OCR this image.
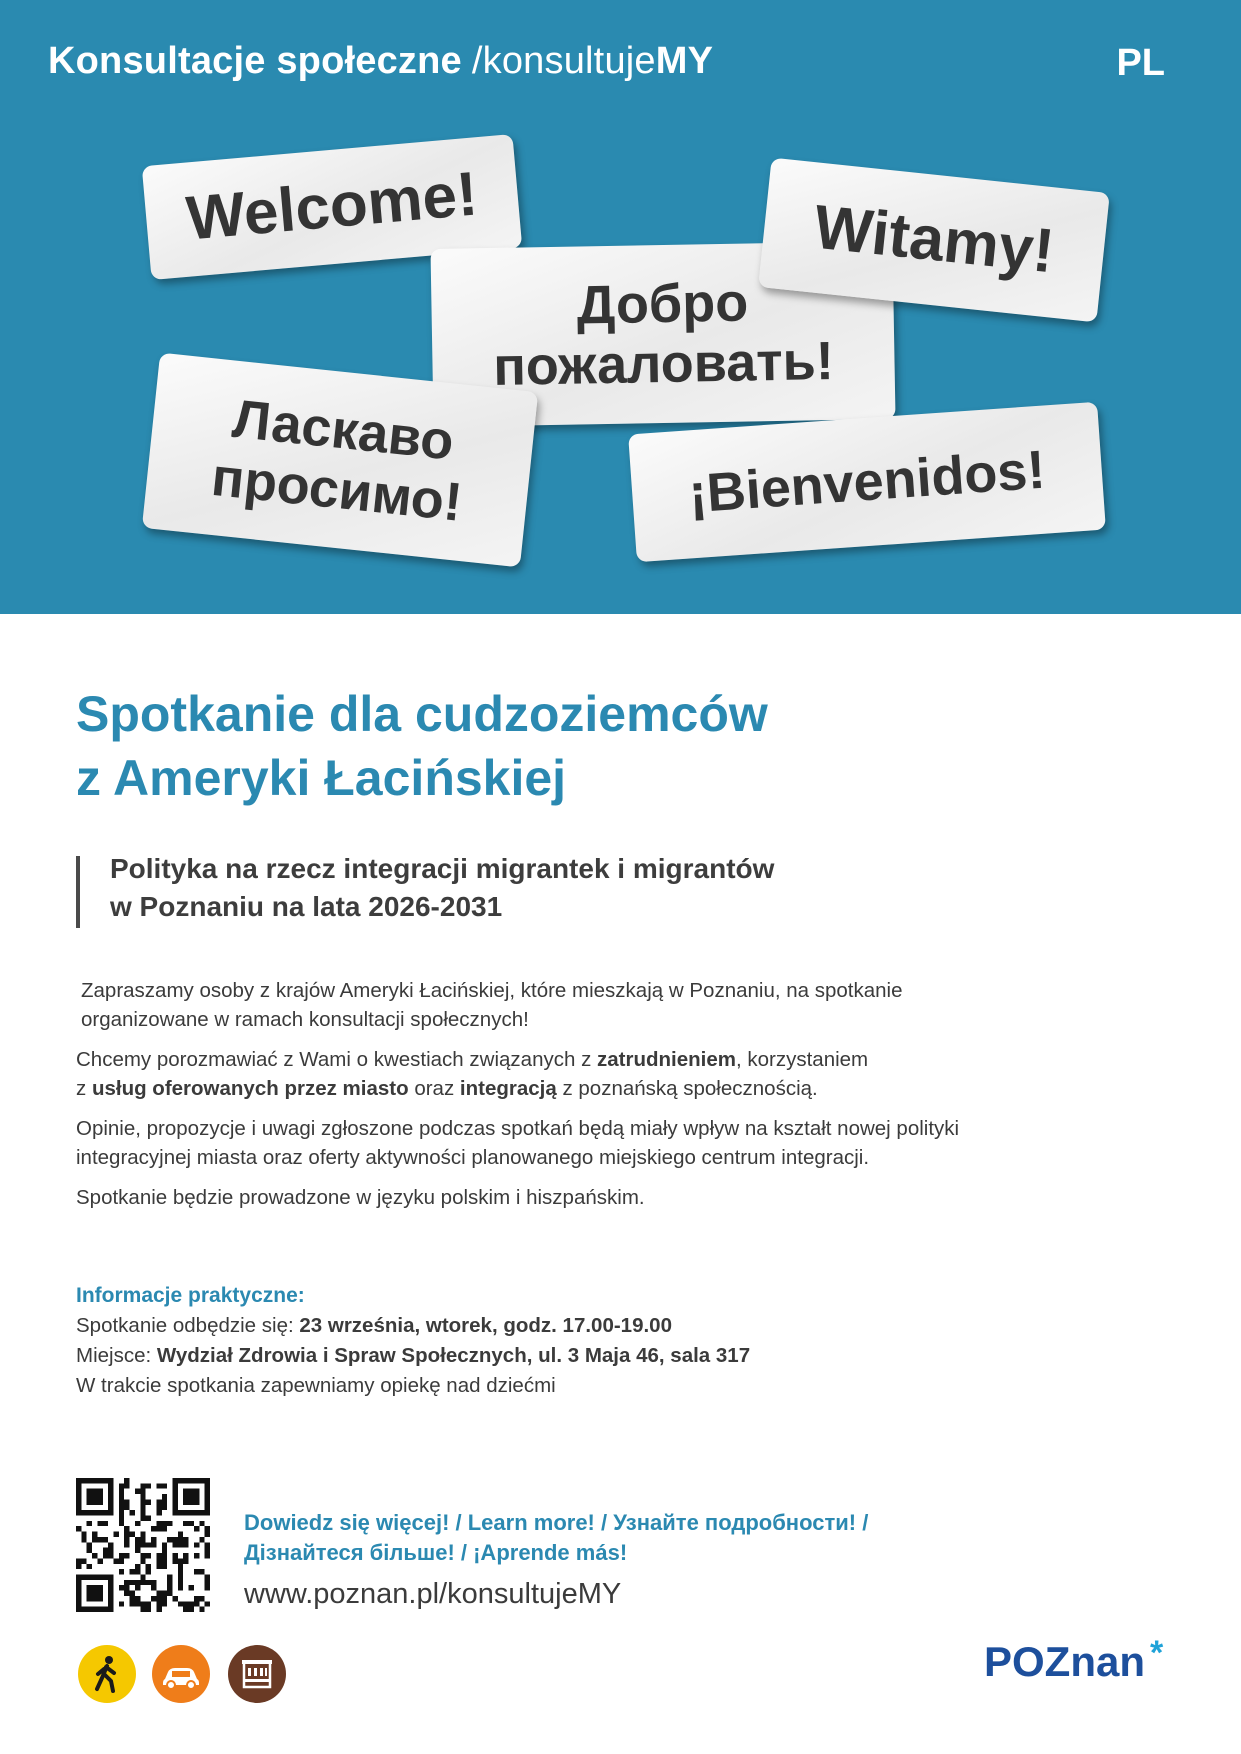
Konsultacje społeczne /konsultujeMY	PL
Welcome!
Добро
пожаловать!
Witamy!
Ласкаво
просимо!	¡Bienvenidos!
Spotkanie dla cudzoziemców
z Ameryki Łacińskiej
Polityka na rzecz integracji migrantek i migrantów
w Poznaniu na lata 2026-2031

Zapraszamy osoby z krajów Ameryki Łacińskiej, które mieszkają w Poznaniu, na spotkanie
organizowane w ramach konsultacji społecznych!

Chcemy porozmawiać z Wami o kwestiach związanych z zatrudnieniem, korzystaniem
z usług oferowanych przez miasto oraz integracją z poznańską społecznością.

Opinie, propozycje i uwagi zgłoszone podczas spotkań będą miały wpływ na kształt nowej polityki
integracyjnej miasta oraz oferty aktywności planowanego miejskiego centrum integracji.

Spotkanie będzie prowadzone w języku polskim i hiszpańskim.

Informacje praktyczne:
Spotkanie odbędzie się: 23 września, wtorek, godz. 17.00-19.00
Miejsce: Wydział Zdrowia i Spraw Społecznych, ul. 3 Maja 46, sala 317
W trakcie spotkania zapewniamy opiekę nad dziećmi
Dowiedz się więcej! / Learn more! / Узнайте подробности! /
Дізнайтеся більше! / ¡Aprende más!
www.poznan.pl/konsultujeMY
POZnan *
